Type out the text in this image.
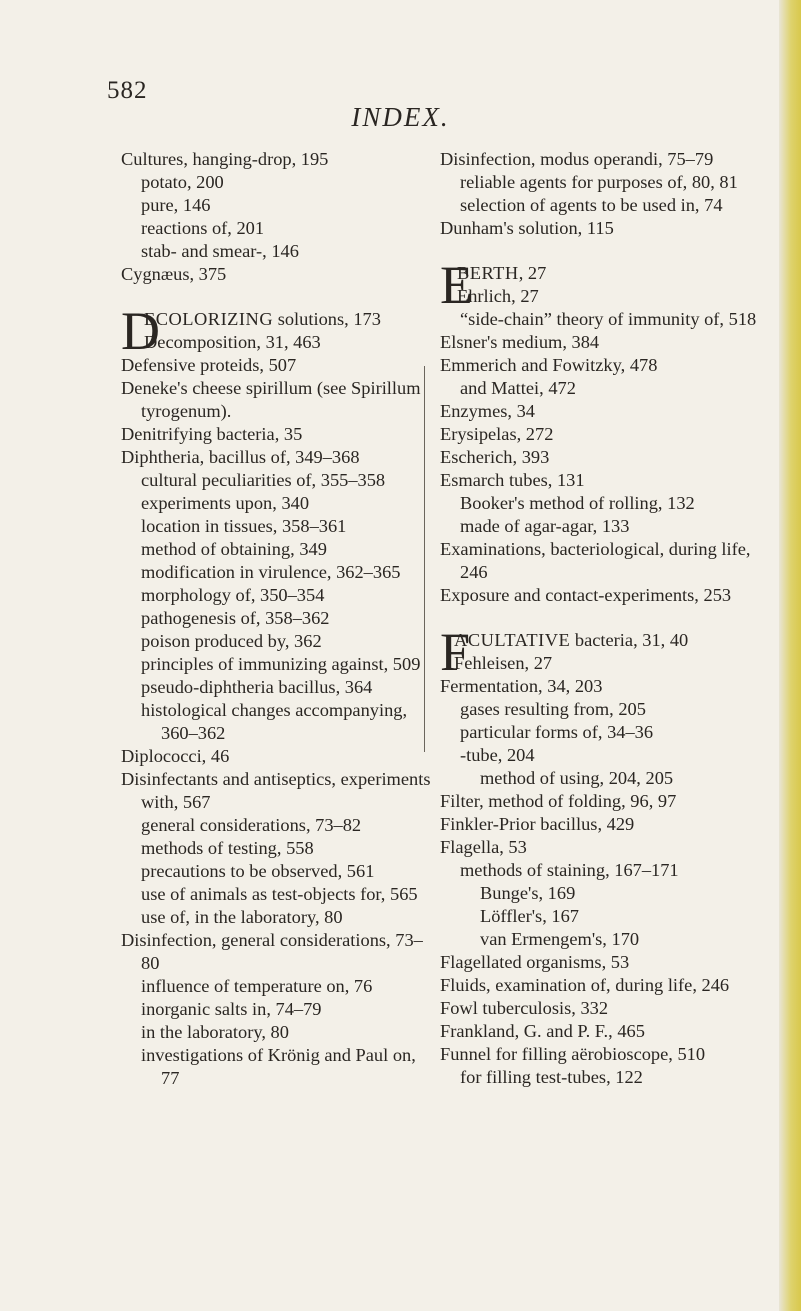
582
INDEX.

Cultures, hanging-drop, 195

potato, 200

pure, 146

reactions of, 201

stab- and smear-, 146

Cygnæus, 375

D
ECOLORIZING solutions, 173

Decomposition, 31, 463

Defensive proteids, 507

Deneke's cheese spirillum (see Spirillum tyrogenum).

Denitrifying bacteria, 35

Diphtheria, bacillus of, 349–368

cultural peculiarities of, 355–358

experiments upon, 340

location in tissues, 358–361

method of obtaining, 349

modification in virulence, 362–365

morphology of, 350–354

pathogenesis of, 358–362

poison produced by, 362

principles of immunizing against, 509

pseudo-diphtheria bacillus, 364

histological changes accompanying, 360–362

Diplococci, 46

Disinfectants and antiseptics, experiments with, 567

general considerations, 73–82

methods of testing, 558

precautions to be observed, 561

use of animals as test-objects for, 565

use of, in the laboratory, 80

Disinfection, general considerations, 73–80

influence of temperature on, 76

inorganic salts in, 74–79

in the laboratory, 80

investigations of Krönig and Paul on, 77

Disinfection, modus operandi, 75–79

reliable agents for purposes of, 80, 81

selection of agents to be used in, 74

Dunham's solution, 115

E
BERTH, 27

Ehrlich, 27

“side-chain” theory of immunity of, 518

Elsner's medium, 384

Emmerich and Fowitzky, 478

and Mattei, 472

Enzymes, 34

Erysipelas, 272

Escherich, 393

Esmarch tubes, 131

Booker's method of rolling, 132

made of agar-agar, 133

Examinations, bacteriological, during life, 246

Exposure and contact-experiments, 253

F
ACULTATIVE bacteria, 31, 40

Fehleisen, 27

Fermentation, 34, 203

gases resulting from, 205

particular forms of, 34–36

-tube, 204

method of using, 204, 205

Filter, method of folding, 96, 97

Finkler-Prior bacillus, 429

Flagella, 53

methods of staining, 167–171

Bunge's, 169

Löffler's, 167

van Ermengem's, 170

Flagellated organisms, 53

Fluids, examination of, during life, 246

Fowl tuberculosis, 332

Frankland, G. and P. F., 465

Funnel for filling aërobioscope, 510

for filling test-tubes, 122
